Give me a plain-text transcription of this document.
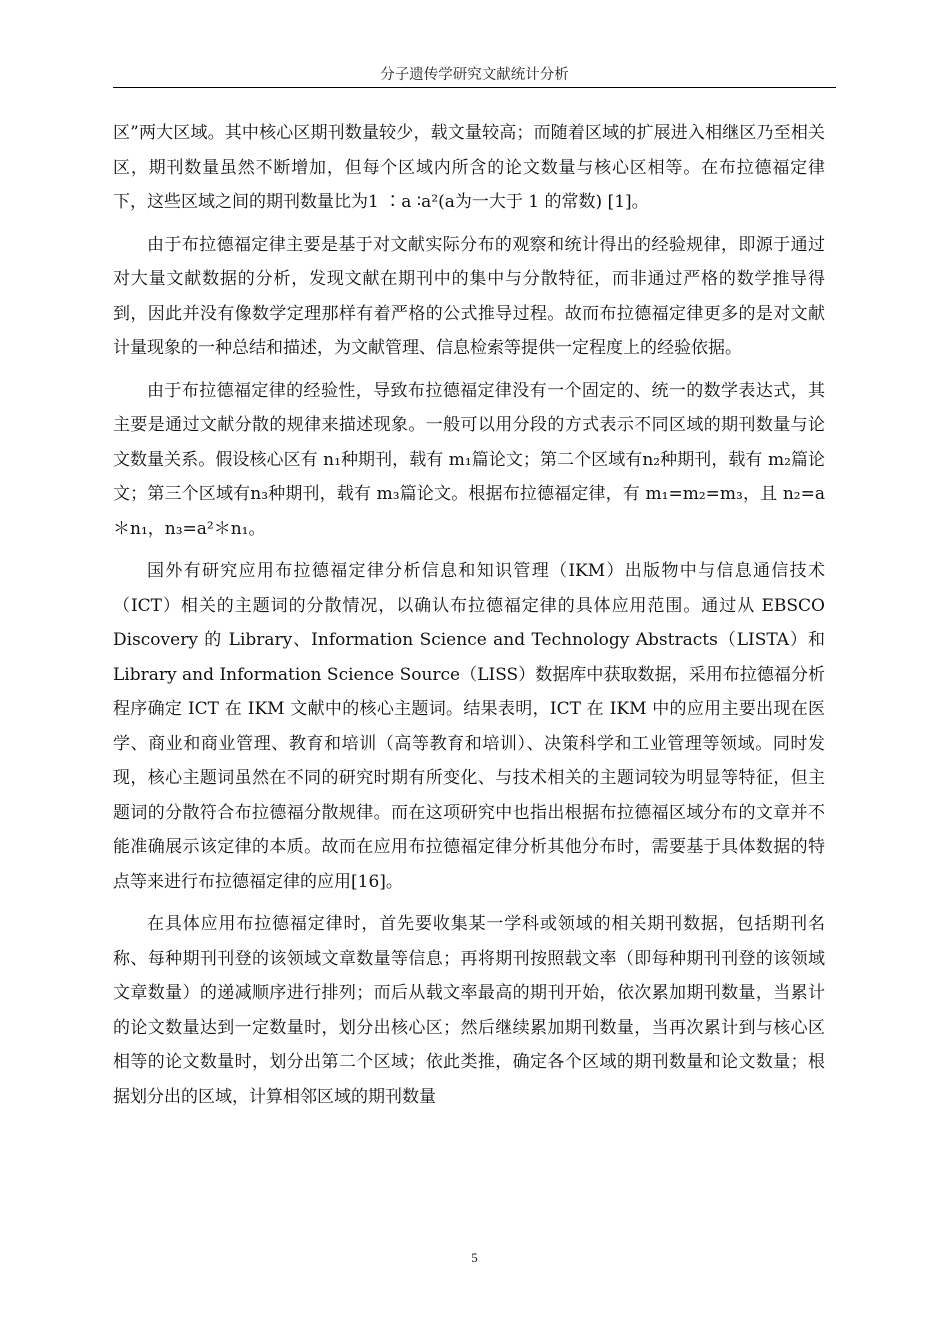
分子遗传学研究文献统计分析

区”两大区域。其中核心区期刊数量较少，载文量较高；而随着区域的扩展进入相继区乃至相关区，期刊数量虽然不断增加，但每个区域内所含的论文数量与核心区相等。在布拉德福定律下，这些区域之间的期刊数量比为1 ∶a ∶a²(a为一大于 1 的常数) [1]。

由于布拉德福定律主要是基于对文献实际分布的观察和统计得出的经验规律，即源于通过对大量文献数据的分析，发现文献在期刊中的集中与分散特征，而非通过严格的数学推导得到，因此并没有像数学定理那样有着严格的公式推导过程。故而布拉德福定律更多的是对文献计量现象的一种总结和描述，为文献管理、信息检索等提供一定程度上的经验依据。

由于布拉德福定律的经验性，导致布拉德福定律没有一个固定的、统一的数学表达式，其主要是通过文献分散的规律来描述现象。一般可以用分段的方式表示不同区域的期刊数量与论文数量关系。假设核心区有 n₁种期刊，载有 m₁篇论文；第二个区域有n₂种期刊，载有 m₂篇论文；第三个区域有n₃种期刊，载有 m₃篇论文。根据布拉德福定律，有 m₁=m₂=m₃，且 n₂=a＊n₁，n₃=a²＊n₁。

国外有研究应用布拉德福定律分析信息和知识管理（IKM）出版物中与信息通信技术（ICT）相关的主题词的分散情况，以确认布拉德福定律的具体应用范围。通过从 EBSCO Discovery 的 Library、Information Science and Technology Abstracts（LISTA）和 Library and Information Science Source（LISS）数据库中获取数据，采用布拉德福分析程序确定 ICT 在 IKM 文献中的核心主题词。结果表明，ICT 在 IKM 中的应用主要出现在医学、商业和商业管理、教育和培训（高等教育和培训）、决策科学和工业管理等领域。同时发现，核心主题词虽然在不同的研究时期有所变化、与技术相关的主题词较为明显等特征，但主题词的分散符合布拉德福分散规律。而在这项研究中也指出根据布拉德福区域分布的文章并不能准确展示该定律的本质。故而在应用布拉德福定律分析其他分布时，需要基于具体数据的特点等来进行布拉德福定律的应用[16]。

在具体应用布拉德福定律时，首先要收集某一学科或领域的相关期刊数据，包括期刊名称、每种期刊刊登的该领域文章数量等信息；再将期刊按照载文率（即每种期刊刊登的该领域文章数量）的递减顺序进行排列；而后从载文率最高的期刊开始，依次累加期刊数量，当累计的论文数量达到一定数量时，划分出核心区；然后继续累加期刊数量，当再次累计到与核心区相等的论文数量时，划分出第二个区域；依此类推，确定各个区域的期刊数量和论文数量；根据划分出的区域，计算相邻区域的期刊数量

5
